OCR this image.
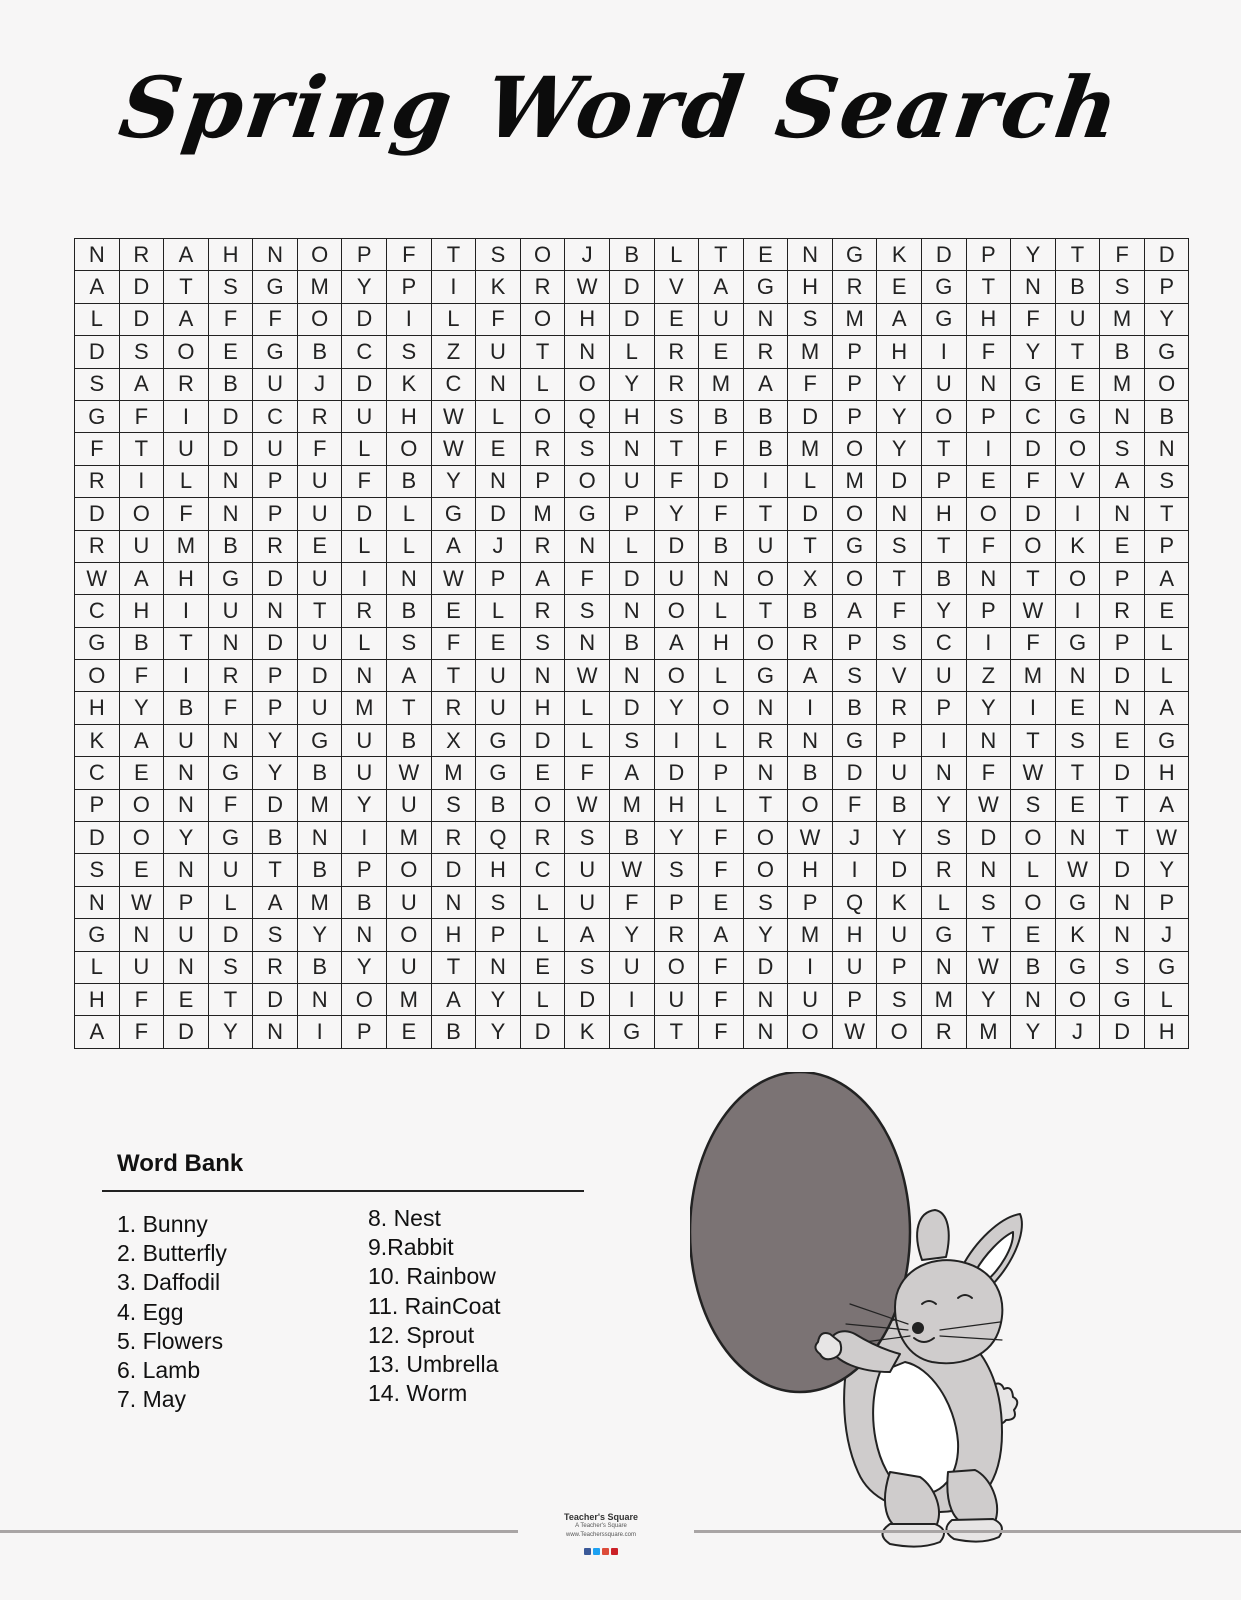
Spring Word Search
N	R	A	H	N	O	P	F	T	S	O	J	B	L	T	E	N	G	K	D	P	Y	T	F	D
A	D	T	S	G	M	Y	P	I	K	R	W	D	V	A	G	H	R	E	G	T	N	B	S	P
L	D	A	F	F	O	D	I	L	F	O	H	D	E	U	N	S	M	A	G	H	F	U	M	Y
D	S	O	E	G	B	C	S	Z	U	T	N	L	R	E	R	M	P	H	I	F	Y	T	B	G
S	A	R	B	U	J	D	K	C	N	L	O	Y	R	M	A	F	P	Y	U	N	G	E	M	O
G	F	I	D	C	R	U	H	W	L	O	Q	H	S	B	B	D	P	Y	O	P	C	G	N	B
F	T	U	D	U	F	L	O	W	E	R	S	N	T	F	B	M	O	Y	T	I	D	O	S	N
R	I	L	N	P	U	F	B	Y	N	P	O	U	F	D	I	L	M	D	P	E	F	V	A	S
D	O	F	N	P	U	D	L	G	D	M	G	P	Y	F	T	D	O	N	H	O	D	I	N	T
R	U	M	B	R	E	L	L	A	J	R	N	L	D	B	U	T	G	S	T	F	O	K	E	P
W	A	H	G	D	U	I	N	W	P	A	F	D	U	N	O	X	O	T	B	N	T	O	P	A
C	H	I	U	N	T	R	B	E	L	R	S	N	O	L	T	B	A	F	Y	P	W	I	R	E
G	B	T	N	D	U	L	S	F	E	S	N	B	A	H	O	R	P	S	C	I	F	G	P	L
O	F	I	R	P	D	N	A	T	U	N	W	N	O	L	G	A	S	V	U	Z	M	N	D	L
H	Y	B	F	P	U	M	T	R	U	H	L	D	Y	O	N	I	B	R	P	Y	I	E	N	A
K	A	U	N	Y	G	U	B	X	G	D	L	S	I	L	R	N	G	P	I	N	T	S	E	G
C	E	N	G	Y	B	U	W	M	G	E	F	A	D	P	N	B	D	U	N	F	W	T	D	H
P	O	N	F	D	M	Y	U	S	B	O	W	M	H	L	T	O	F	B	Y	W	S	E	T	A
D	O	Y	G	B	N	I	M	R	Q	R	S	B	Y	F	O	W	J	Y	S	D	O	N	T	W
S	E	N	U	T	B	P	O	D	H	C	U	W	S	F	O	H	I	D	R	N	L	W	D	Y
N	W	P	L	A	M	B	U	N	S	L	U	F	P	E	S	P	Q	K	L	S	O	G	N	P
G	N	U	D	S	Y	N	O	H	P	L	A	Y	R	A	Y	M	H	U	G	T	E	K	N	J
L	U	N	S	R	B	Y	U	T	N	E	S	U	O	F	D	I	U	P	N	W	B	G	S	G
H	F	E	T	D	N	O	M	A	Y	L	D	I	U	F	N	U	P	S	M	Y	N	O	G	L
A	F	D	Y	N	I	P	E	B	Y	D	K	G	T	F	N	O	W	O	R	M	Y	J	D	H
Word Bank
1. Bunny
2. Butterfly
3. Daffodil
4. Egg
5. Flowers
6. Lamb
7. May
8. Nest
9.Rabbit
10. Rainbow
11. RainCoat
12. Sprout
13. Umbrella
14. Worm
Teacher's Square
A Teacher's Square
www.Teacherssquare.com
